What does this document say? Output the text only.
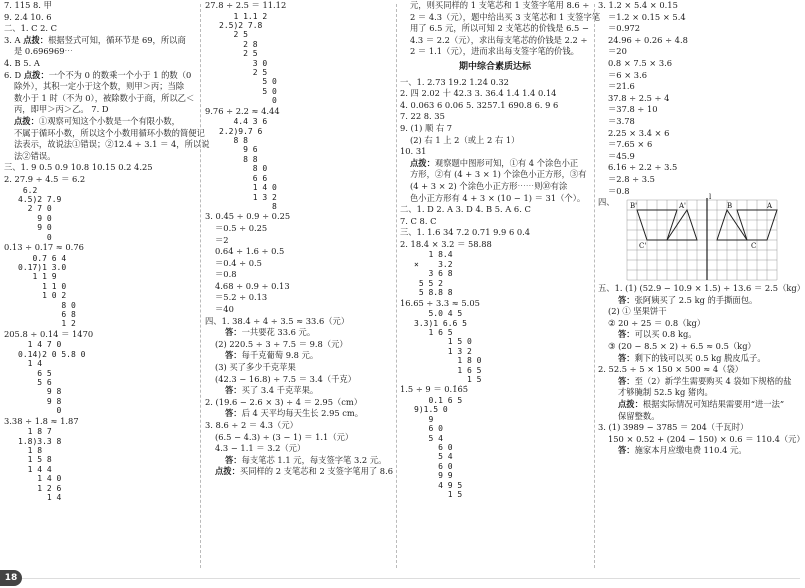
7. 115 8. 甲
9. 2.4 10. 6
二、1. C 2. C
3. A 点拨：根据竖式可知，循环节是 69，所以商
是 0.696969⋯
4. B 5. A
6. D 点拨：一个不为 0 的数乘一个小于 1 的数（0
除外），其积一定小于这个数，则甲＞丙；当除
数小于 1 时（不为 0），被除数小于商，所以乙＜
丙，即甲＞丙＞乙。 7. D
点拨：①观察可知这个小数是一个有限小数，
不属于循环小数，所以这个小数用循环小数的简便记
法表示，故说法①错误；②12.4 ÷ 3.1 ＝ 4，所以说
法②错误。
三、1. 9 0.5 0.9 10.8 10.15 0.2 4.25
2. 27.9 ÷ 4.5 ＝ 6.2
6.2
4.5)2 7.9
2 7 0
9 0
9 0
0
0.13 ÷ 0.17 ≈ 0.76
0.7 6 4
0.17)1 3.0
1 1 9
1 1 0
1 0 2
8 0
6 8
1 2
205.8 ÷ 0.14 ＝ 1470
1 4 7 0
0.14)2 0 5.8 0
1 4
6 5
5 6
9 8
9 8
0
3.38 ÷ 1.8 ≈ 1.87
1 8 7
1.8)3.3 8
1 8
1 5 8
1 4 4
1 4 0
1 2 6
1 4
27.8 ÷ 2.5 ＝ 11.12
1 1.1 2
2.5)2 7.8
2 5
2 8
2 5
3 0
2 5
5 0
5 0
0
9.76 ÷ 2.2 ≈ 4.44
4.4 3 6
2.2)9.7 6
8 8
9 6
8 8
8 0
6 6
1 4 0
1 3 2
8
3. 0.45 ÷ 0.9 ÷ 0.25
＝0.5 ÷ 0.25
＝2
0.64 ÷ 1.6 ÷ 0.5
＝0.4 ÷ 0.5
＝0.8
4.68 ÷ 0.9 ÷ 0.13
＝5.2 ÷ 0.13
＝40
四、1. 38.4 ÷ 4 ÷ 3.5 ≈ 33.6（元）
答：一共要花 33.6 元。
(2) 220.5 ÷ 3 ÷ 7.5 ＝ 9.8（元）
答：每千克葡萄 9.8 元。
(3) 买了多少千克苹果
(42.3 − 16.8) ÷ 7.5 ＝ 3.4（千克）
答：买了 3.4 千克苹果。
2. (19.6 − 2.6 × 3) ÷ 4 ＝ 2.95（cm）
答：后 4 天平均每天生长 2.95 cm。
3. 8.6 ÷ 2 ＝ 4.3（元）
(6.5 − 4.3) ÷ (3 − 1) ＝ 1.1（元）
4.3 − 1.1 ＝ 3.2（元）
答：每支笔芯 1.1 元，每支签字笔 3.2 元。
点拨：买同样的 2 支笔芯和 2 支签字笔用了 8.6
元，则买同样的 1 支笔芯和 1 支签字笔用 8.6 ÷
2 ＝ 4.3（元），题中给出买 3 支笔芯和 1 支签字笔
用了 6.5 元，所以可知 2 支笔芯的价钱是 6.5 −
4.3 ＝ 2.2（元），求出每支笔芯的价钱是 2.2 ÷
2 ＝ 1.1（元），进而求出每支签字笔的价钱。
期中综合素质达标
一、1. 2.73 19.2 1.24 0.32
2. 四 2.02 十 42.3 3. 36.4 1.4 1.4 0.14
4. 0.063 6 0.06 5. 3257.1 690.8 6. 9 6
7. 22 8. 35
9. (1) 顺 右 7
(2) 右 1 上 2（或上 2 右 1）
10. 31
点拨：观察题中图形可知，①有 4 个涂色小正
方形，②有 (4 + 3 × 1) 个涂色小正方形，③有
(4 + 3 × 2) 个涂色小正方形⋯⋯则⑩有涂
色小正方形有 4 + 3 × (10 − 1) ＝ 31（个）。
二、1. D 2. A 3. D 4. B 5. A 6. C
7. C 8. C
三、1. 1.6 34 7.2 0.71 9.9 6 0.4
2. 18.4 × 3.2 ＝ 58.88
1 8.4
×    3.2
3 6 8
5 5 2
5 8.8 8
16.65 ÷ 3.3 ≈ 5.05
5.0 4 5
3.3)1 6.6 5
1 6 5
1 5 0
1 3 2
1 8 0
1 6 5
1 5
1.5 ÷ 9 ＝ 0.1̇6̇5̇
0.1 6 5
9)1.5 0
9
6 0
5 4
6 0
5 4
6 0
9 9
4 9 5
1 5
3. 1.2 × 5.4 × 0.15
＝1.2 × 0.15 × 5.4
＝0.972
24.96 ÷ 0.26 ÷ 4.8
＝20
0.8 × 7.5 × 3.6
＝6 × 3.6
＝21.6
37.8 ÷ 2.5 ÷ 4
＝37.8 ÷ 10
＝3.78
2.25 × 3.4 × 6
＝7.65 × 6
＝45.9
6.16 ÷ 2.2 ÷ 3.5
＝2.8 ÷ 3.5
＝0.8
四、 B'	A'
l
B	A
C'	C
五、1. (1) (52.9 − 10.9 × 1.5) ÷ 13.6 ＝ 2.5（kg）
答：张阿姨买了 2.5 kg 的手撕面包。
(2) ① 坚果饼干
② 20 ÷ 25 ＝ 0.8（kg）
答：可以买 0.8 kg。
③ (20 − 8.5 × 2) ÷ 6.5 ≈ 0.5（kg）
答：剩下的钱可以买 0.5 kg 脱皮瓜子。
2. 52.5 ÷ 5 × 150 × 500 ≈ 4（袋）
答：至（2）新学生需要购买 4 袋如下规格的盐
才够腌制 52.5 kg 猪肉。
点拨：根据实际情况可知结果需要用“进一法”
保留整数。
3. (1) 3989 − 3785 ＝ 204（千瓦时）
150 × 0.52 + (204 − 150) × 0.6 ＝ 110.4（元）
答：施家本月应缴电费 110.4 元。
18
